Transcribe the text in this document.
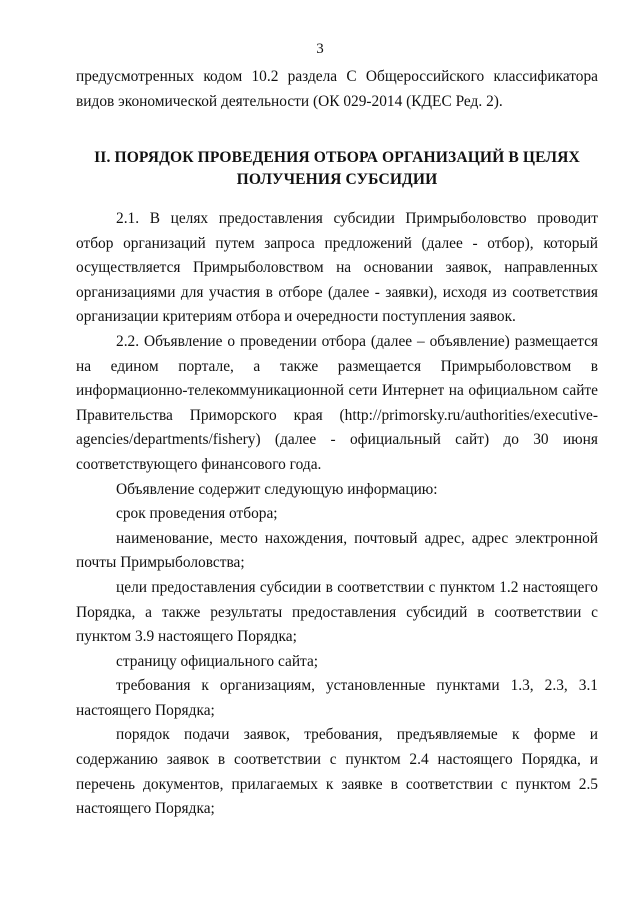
3

предусмотренных кодом 10.2 раздела С Общероссийского классификатора видов экономической деятельности (ОК 029-2014 (КДЕС Ред. 2).

II. ПОРЯДОК ПРОВЕДЕНИЯ ОТБОРА ОРГАНИЗАЦИЙ В ЦЕЛЯХ
ПОЛУЧЕНИЯ СУБСИДИИ

2.1. В целях предоставления субсидии Примрыболовство проводит отбор организаций путем запроса предложений (далее - отбор), который осуществляется Примрыболовством на основании заявок, направленных организациями для участия в отборе (далее - заявки), исходя из соответствия организации критериям отбора и очередности поступления заявок.

2.2. Объявление о проведении отбора (далее – объявление) размещается на едином портале, а также размещается Примрыболовством в информационно-телекоммуникационной сети Интернет на официальном сайте Правительства Приморского края (http://primorsky.ru/authorities/executive-agencies/departments/fishery) (далее - официальный сайт) до 30 июня соответствующего финансового года.

Объявление содержит следующую информацию:

срок проведения отбора;

наименование, место нахождения, почтовый адрес, адрес электронной почты Примрыболовства;

цели предоставления субсидии в соответствии с пунктом 1.2 настоящего Порядка, а также результаты предоставления субсидий в соответствии с пунктом 3.9 настоящего Порядка;

страницу официального сайта;

требования к организациям, установленные пунктами 1.3, 2.3, 3.1 настоящего Порядка;

порядок подачи заявок, требования, предъявляемые к форме и содержанию заявок в соответствии с пунктом 2.4 настоящего Порядка, и перечень документов, прилагаемых к заявке в соответствии с пунктом 2.5 настоящего Порядка;
